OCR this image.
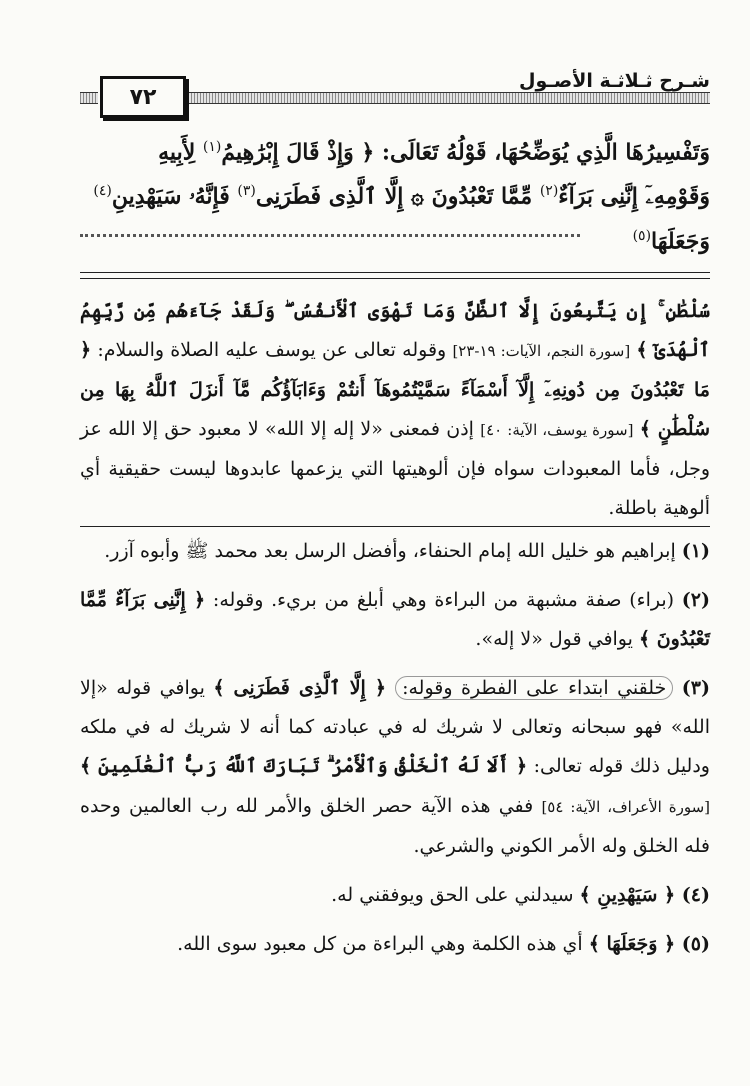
شـرح ثـلاثـة الأصـول
٧٢
وَتَفْسِيرُهَا الَّذِي يُوَضِّحُهَا، قَوْلُهُ تَعَالَى: ﴿ وَإِذْ قَالَ إِبْرَٰهِيمُ$^{(١)}$ لِأَبِيهِ
وَقَوْمِهِۦٓ إِنَّنِى بَرَآءٌ$^{(٢)}$ مِّمَّا تَعْبُدُونَ ۞ إِلَّا ٱلَّذِى فَطَرَنِى$^{(٣)}$ فَإِنَّهُۥ سَيَهْدِينِ$^{(٤)}$
وَجَعَلَهَا$^{(٥)}$
سُلْطَٰنٍ ۚ إِن يَتَّبِعُونَ إِلَّا ٱلظَّنَّ وَمَا تَهْوَى ٱلْأَنفُسُ ۖ وَلَقَدْ جَآءَهُم مِّن رَّبِّهِمُ ٱلْهُدَىٰٓ ﴾ [سورة النجم، الآيات: ١٩-٢٣] وقوله تعالى عن يوسف عليه الصلاة والسلام: ﴿ مَا تَعْبُدُونَ مِن دُونِهِۦٓ إِلَّآ أَسْمَآءً سَمَّيْتُمُوهَآ أَنتُمْ وَءَابَآؤُكُم مَّآ أَنزَلَ ٱللَّهُ بِهَا مِن سُلْطَٰنٍ ﴾ [سورة يوسف، الآية: ٤٠] إذن فمعنى «لا إله إلا الله» لا معبود حق إلا الله عز وجل، فأما المعبودات سواه فإن ألوهيتها التي يزعمها عابدوها ليست حقيقية أي ألوهية باطلة.
(١) إبراهيم هو خليل الله إمام الحنفاء، وأفضل الرسل بعد محمد ﷺ وأبوه آزر.
(٢) (براء) صفة مشبهة من البراءة وهي أبلغ من بريء. وقوله: ﴿ إِنَّنِى بَرَآءٌ مِّمَّا تَعْبُدُونَ ﴾ يوافي قول «لا إله».
(٣) خلقني ابتداء على الفطرة وقوله: ﴿ إِلَّا ٱلَّذِى فَطَرَنِى ﴾ يوافي قوله «إلا الله» فهو سبحانه وتعالى لا شريك له في عبادته كما أنه لا شريك له في ملكه ودليل ذلك قوله تعالى: ﴿ أَلَا لَهُ ٱلْخَلْقُ وَٱلْأَمْرُ ۗ تَبَارَكَ ٱللَّهُ رَبُّ ٱلْعَٰلَمِينَ ﴾ [سورة الأعراف، الآية: ٥٤] ففي هذه الآية حصر الخلق والأمر لله رب العالمين وحده فله الخلق وله الأمر الكوني والشرعي.
(٤) ﴿ سَيَهْدِينِ ﴾ سيدلني على الحق ويوفقني له.
(٥) ﴿ وَجَعَلَهَا ﴾ أي هذه الكلمة وهي البراءة من كل معبود سوى الله.
